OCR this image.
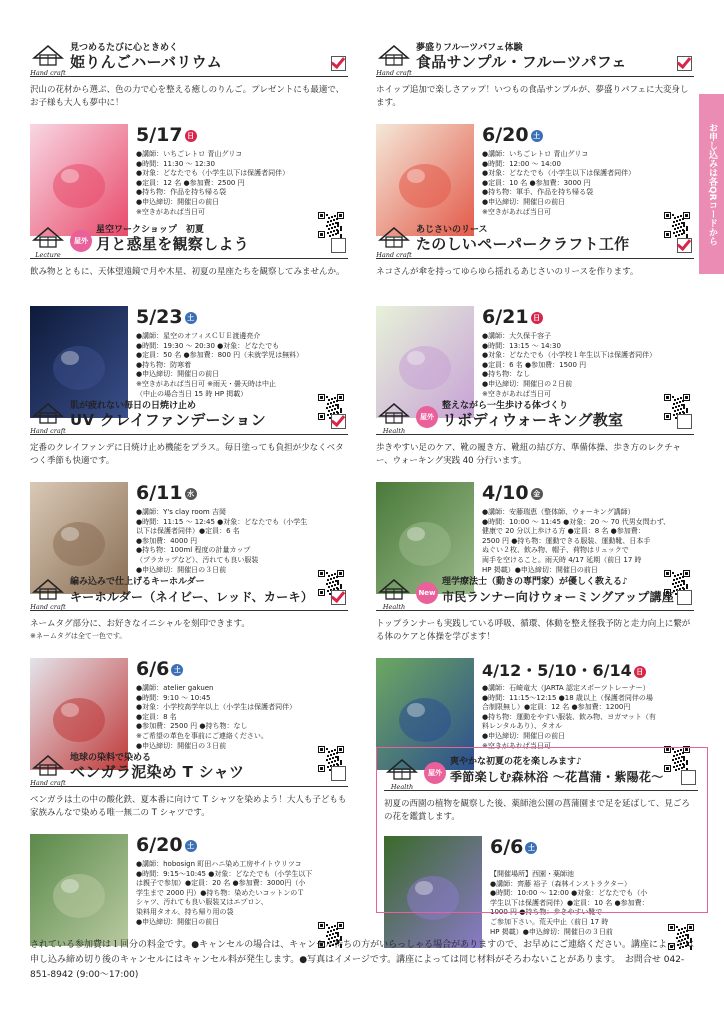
Hand craft
見つめるたびに心ときめく
姫りんごハーバリウム
沢山の花材から選ぶ、色の力で心を整える癒しのりんご。プレゼントにも最適で、お子様も大人も夢中に！
5/17 日
●講師：いちごレトロ 青山グリコ
●時間：11:30 ～ 12:30
●対象：どなたでも（小学生以下は保護者同伴）
●定員：12 名 ●参加費：2500 円
●持ち物：作品を持ち帰る袋
●申込締切：開催日の前日
※空きがあれば当日可
Lecture
屋外
星空ワークショップ　初夏
月と惑星を観察しよう
飲み物とともに、天体望遠鏡で月や木星、初夏の星座たちを観察してみませんか。
5/23 土
●講師：星空のオフィスＣＵＥ渡邊亮介
●時間：19:30 ～ 20:30 ●対象：どなたでも
●定員：50 名 ●参加費：800 円（未就学児は無料）
●持ち物：防寒着
●申込締切：開催日の前日
※空きがあれば当日可 ※雨天・曇天時は中止
（中止の場合当日 15 時 HP 掲載）
Hand craft
肌が疲れない毎日の日焼け止め
UV クレイファンデーション
定番のクレイファンデに日焼け止め機能をプラス。毎日塗っても負担が少なくベタつく季節も快適です。
6/11 水
●講師：Y's clay room 吉岡
●時間：11:15 ～ 12:45 ●対象：どなたでも（小学生
以下は保護者同伴）●定員：6 名
●参加費：4000 円
●持ち物：100ml 程度の計量カップ
（プラカップなど）、汚れても良い服装
●申込締切：開催日の３日前
Hand craft
編み込みで仕上げるキーホルダー
キーホルダー（ネイビー、レッド、カーキ）
ネームタグ部分に、お好きなイニシャルを刻印できます。
※ネームタグは全て一色です。
6/6 土
●講師：atelier gakuen
●時間：9:10 ～ 10:45
●対象：小学校高学年以上（小学生は保護者同伴）
●定員：8 名
●参加費：2500 円 ●持ち物：なし
※ご希望の革色を事前にご連絡ください。
●申込締切：開催日の３日前
Hand craft
地球の染料で染める
ベンガラ泥染め T シャツ
ベンガラは土の中の酸化鉄、夏本番に向けて T シャツを染めよう！大人も子どもも家族みんなで染める唯一無二の T シャツです。
6/20 土
●講師：hobosign 町田ハニ染め工房サイトウリツコ
●時間：9:15～10:45 ●対象：どなたでも（小学生以下
は親子で参加）●定員：20 名 ●参加費：3000円（小
学生まで 2000 円）●持ち物：染めたいコットンのＴ
シャツ、汚れても良い服装又はエプロン、
染料用タオル、持ち帰り用の袋
●申込締切：開催日の前日
Hand craft
夢盛りフルーツパフェ体験
食品サンプル・フルーツパフェ
ホイップ追加で楽しさアップ！いつもの食品サンプルが、夢盛りパフェに大変身します。
6/20 土
●講師：いちごレトロ 青山グリコ
●時間：12:00 ～ 14:00
●対象：どなたでも（小学生以下は保護者同伴）
●定員：10 名 ●参加費：3000 円
●持ち物：軍手、作品を持ち帰る袋
●申込締切：開催日の前日
※空きがあれば当日可
Hand craft
あじさいのリース
たのしいペーパークラフト工作
ネコさんが傘を持ってゆらゆら揺れるあじさいのリースを作ります。
6/21 日
●講師：大久保千容子
●時間：13:15 ～ 14:30
●対象：どなたでも（小学校１年生以下は保護者同伴）
●定員：6 名 ●参加費：1500 円
●持ち物：なし
●申込締切：開催日の２日前
※空きがあれば当日可
Health
屋外
整えながら一生歩ける体づくり
リボディウォーキング教室
歩きやすい足のケア、靴の履き方、靴紐の結び方、準備体操、歩き方のレクチャー、ウォーキング実践 40 分行います。
4/10 金
●講師：安藤瑞恵（整体師、ウォーキング講師）
●時間：10:00 ～ 11:45 ●対象：20 ～ 70 代男女問わず、
健康で 20 分以上歩ける方 ●定員：8 名 ●参加費：
2500 円 ●持ち物：運動できる服装、運動靴、日本手
ぬぐい２枚、飲み物、帽子、荷物はリュックで
両手を空けること。雨天時 4/17 延期（前日 17 時
HP 掲載）●申込締切：開催日の前日
Health
New
理学療法士（動きの専門家）が優しく教える♪
市民ランナー向けウォーミングアップ講座
トップランナーも実践している呼吸、循環、体動を整え怪我予防と走力向上に繋がる体のケアと体操を学びます！
4/12・5/10・6/14 日
●講師：石崎竜大（JARTA 認定スポーツトレーナー）
●時間：11:15～12:15 ●18 歳以上（保護者同伴の場
合制限無し）●定員：12 名 ●参加費：1200円
●持ち物：運動をやすい服装、飲み物、ヨガマット（有
料レンタルあり）、タオル
●申込締切：開催日の前日
※空きがあれば当日可
Health
屋外
爽やかな初夏の花を楽しみます♪
季節楽しむ森林浴 ～花菖蒲・紫陽花～
初夏の西園の植物を観察した後、薬師池公園の菖蒲園まで足を延ばして、見ごろの花を鑑賞します。
6/6 土
【開催場所】西園・薬師池
●講師：齊藤 裕子（森林インストラクター）
●時間：10:00 ～ 12:00 ●対象：どなたでも（小
学生以下は保護者同伴）●定員：10 名 ●参加費：
1000 円 ●持ち物：歩きやすい靴で
ご参加下さい。荒天中止（前日 17 時
HP 掲載）●申込締切：開催日の３日前
お申し込みは各QRコードから
されている参加費は１回分の料金です。●キャンセルの場合は、キャンセル待ちの方がいらっしゃる場合がありますので、お早めにご連絡ください。講座によっては申し込み締め切り後のキャンセルにはキャンセル料が発生します。●写真はイメージです。講座によっては同じ材料がそろわないことがあります。　お問合せ 042-851-8942 (9:00～17:00)
